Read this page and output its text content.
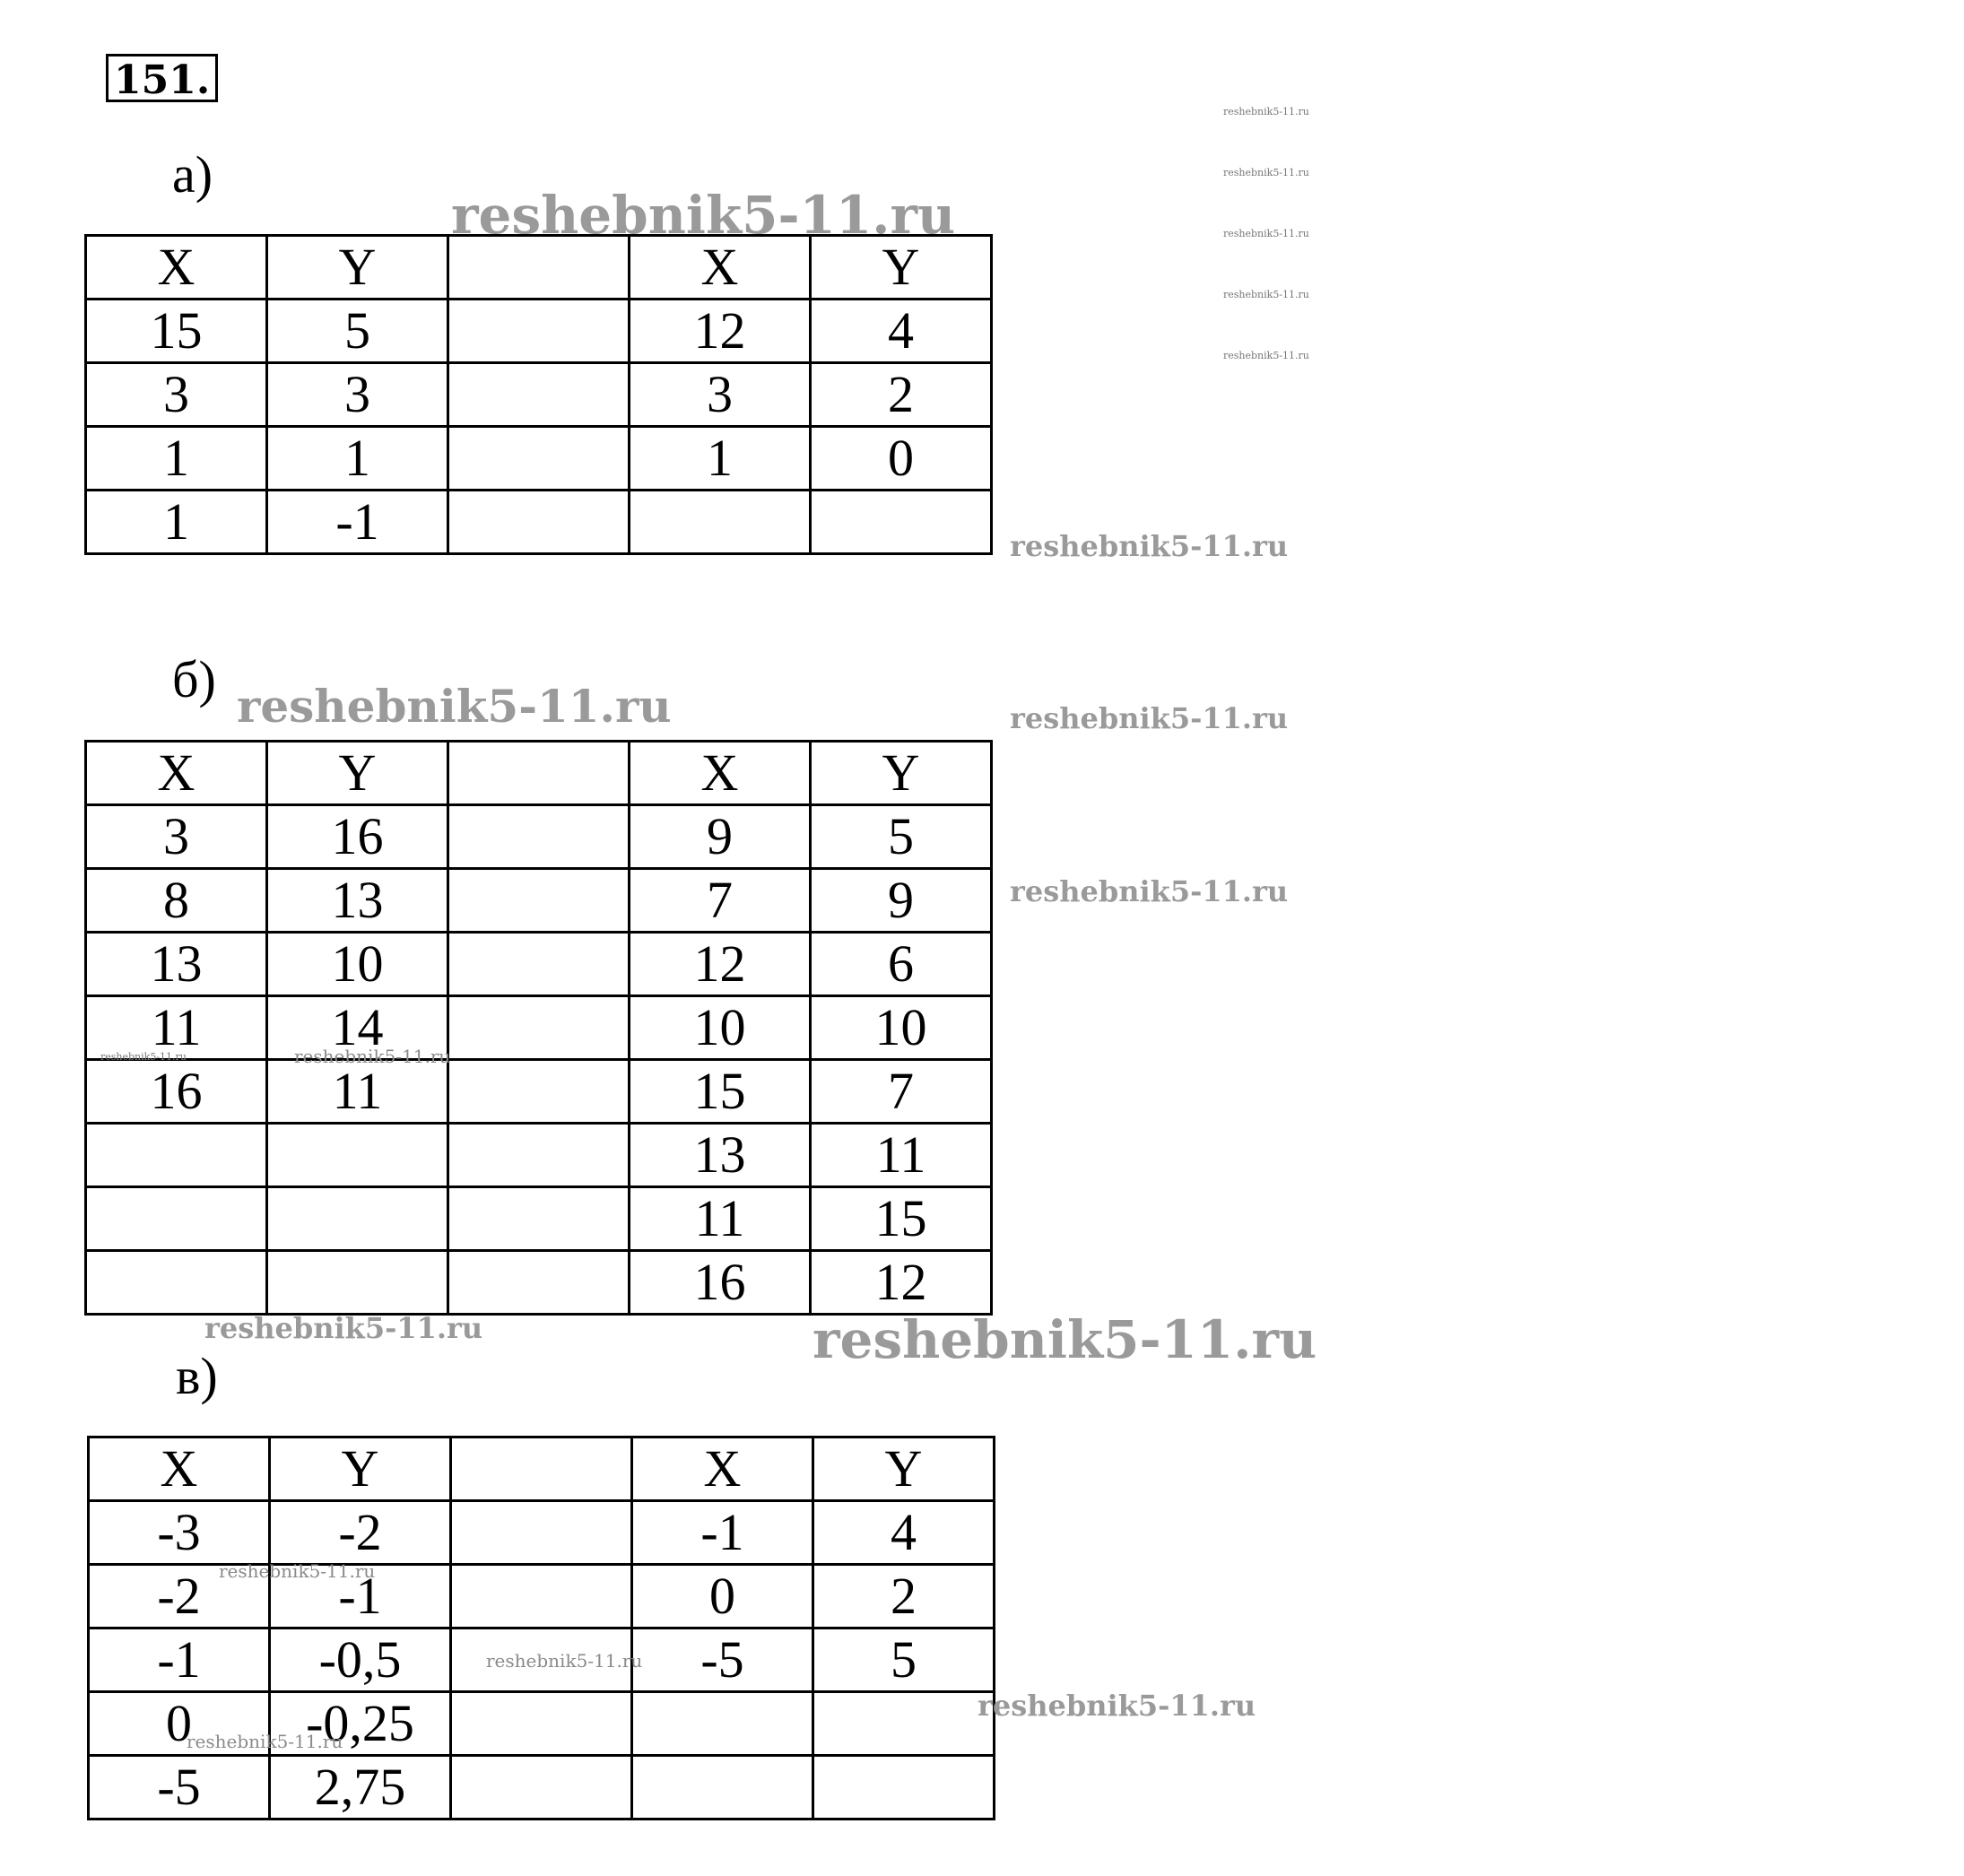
151.
а)
б)
в)
X	Y		X	Y
15	5		12	4
3	3		3	2
1	1		1	0
1	-1			
X	Y		X	Y
3	16		9	5
8	13		7	9
13	10		12	6
11	14		10	10
16	11		15	7
			13	11
			11	15
			16	12
X	Y		X	Y
-3	-2		-1	4
-2	-1		0	2
-1	-0,5		-5	5
0	-0,25			
-5	2,75			
reshebnik5-11.ru
reshebnik5-11.ru
reshebnik5-11.ru
reshebnik5-11.ru
reshebnik5-11.ru
reshebnik5-11.ru
reshebnik5-11.ru
reshebnik5-11.ru
reshebnik5-11.ru
reshebnik5-11.ru
reshebnik5-11.ru
reshebnik5-11.ru
reshebnik5-11.ru
reshebnik5-11.ru
reshebnik5-11.ru
reshebnik5-11.ru
reshebnik5-11.ru
reshebnik5-11.ru
